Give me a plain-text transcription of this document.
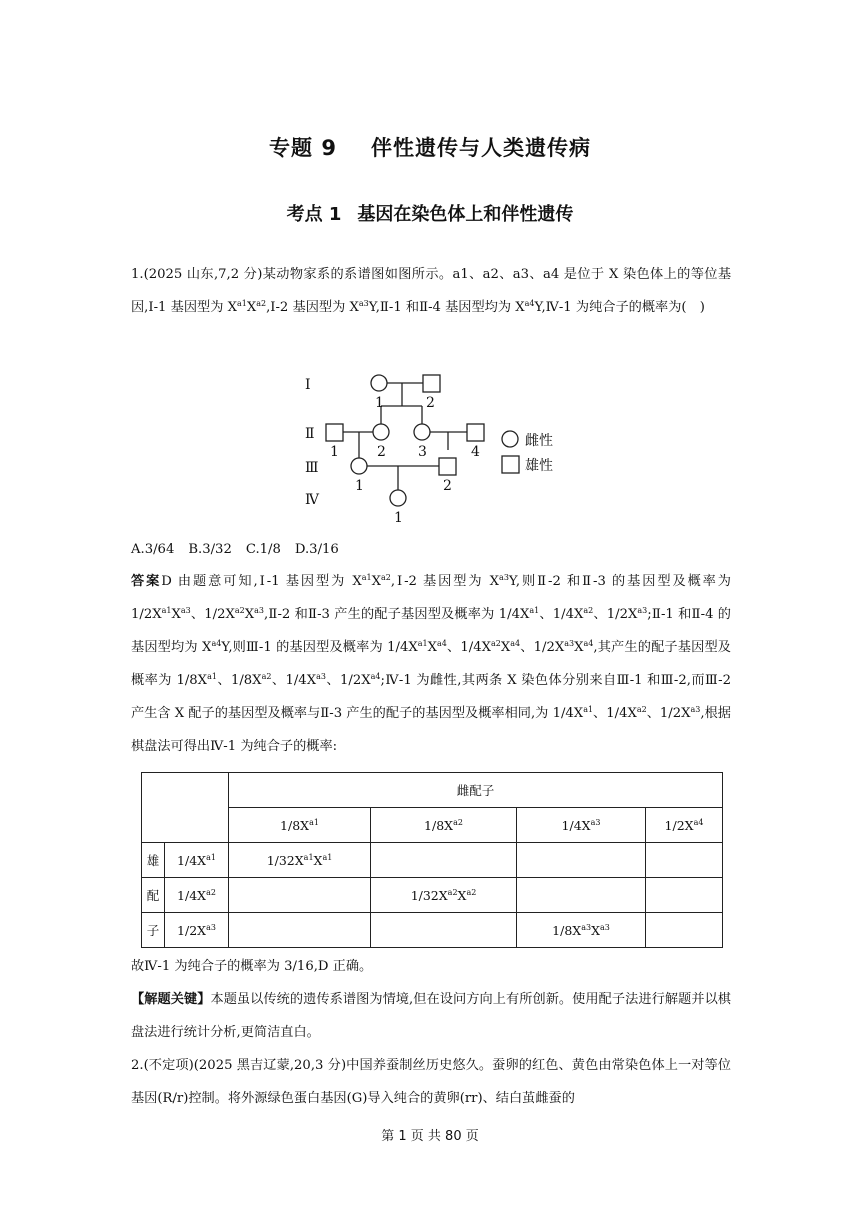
专题 9 伴性遗传与人类遗传病
考点 1 基因在染色体上和伴性遗传
1.(2025 山东,7,2 分)某动物家系的系谱图如图所示。a1、a2、a3、a4 是位于 X 染色体上的等位基因,Ⅰ-1 基因型为 $X^{a1}X^{a2},Ⅰ-2$ 基因型为 $X^{a3}Y,Ⅱ-1$ 和Ⅱ-4 基因型均为 $X^{a4}Y,Ⅳ-1$ 为纯合子的概率为(　)
Ⅰ
Ⅱ
Ⅲ
Ⅳ
1	2
1	2 3	4
1	2
1
雌性
雄性
A.3/64 B.3/32 C.1/8 D.3/16
答案D 由题意可知,Ⅰ-1 基因型为 $X^{a1}X^{a2},Ⅰ-2$ 基因型为 $X^{a3}Y$,则Ⅱ-2 和Ⅱ-3 的基因型及概率为 $1/2X^{a1}X^{a3}$、$1/2X^{a2}X^{a3},Ⅱ-2$ 和Ⅱ-3 产生的配子基因型及概率为 $1/4X^{a1}$、$1/4X^{a2}$、$1/2X^{a3};Ⅱ-1$ 和Ⅱ-4 的基因型均为 $X^{a4}Y$,则Ⅲ-1 的基因型及概率为 $1/4X^{a1}X^{a4}$、$1/4X^{a2}X^{a4}$、$1/2X^{a3}X^{a4}$,其产生的配子基因型及概率为 $1/8X^{a1}$、$1/8X^{a2}$、$1/4X^{a3}$、$1/2X^{a4};Ⅳ-1$ 为雌性,其两条 X 染色体分别来自Ⅲ-1 和Ⅲ-2,而Ⅲ-2 产生含 X 配子的基因型及概率与Ⅱ-3 产生的配子的基因型及概率相同,为 $1/4X^{a1}$、$1/4X^{a2}$、$1/2X^{a3}$,根据棋盘法可得出Ⅳ-1 为纯合子的概率:
		雌配子			
		$1/8X^{a1}$	$1/8X^{a2}$	$1/4X^{a3}$	$1/2X^{a4}$
雄	$1/4X^{a1}$	$1/32X^{a1}X^{a1}$			
配	$1/4X^{a2}$		$1/32X^{a2}X^{a2}$		
子	$1/2X^{a3}$			$1/8X^{a3}X^{a3}$	
故Ⅳ-1 为纯合子的概率为 3/16,D 正确。
【解题关键】本题虽以传统的遗传系谱图为情境,但在设问方向上有所创新。使用配子法进行解题并以棋盘法进行统计分析,更简洁直白。
2.(不定项)(2025 黑吉辽蒙,20,3 分)中国养蚕制丝历史悠久。蚕卵的红色、黄色由常染色体上一对等位基因(R/r)控制。将外源绿色蛋白基因(G)导入纯合的黄卵(rr)、结白茧雌蚕的
第 1 页 共 80 页
